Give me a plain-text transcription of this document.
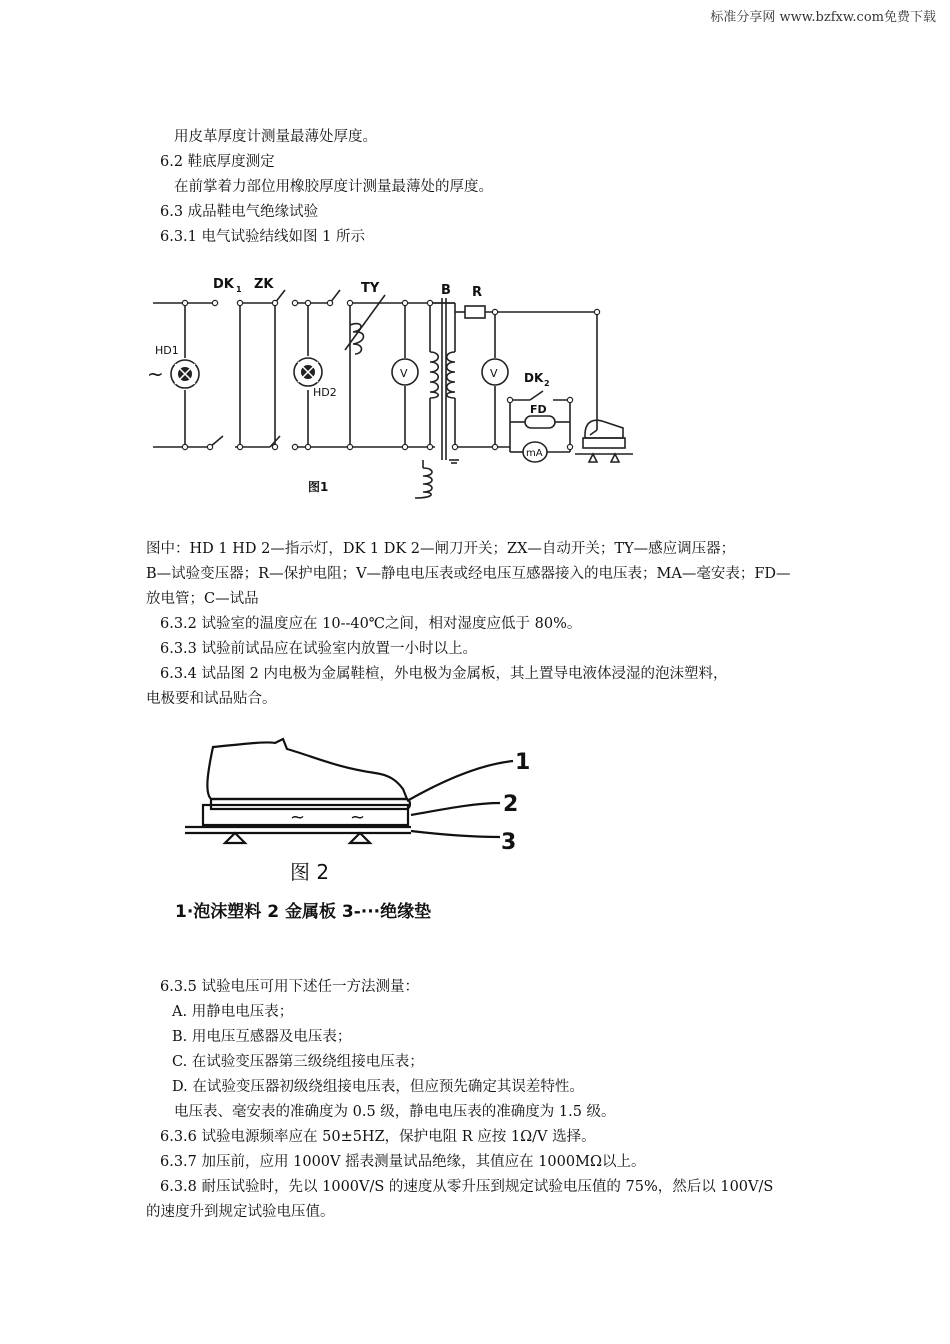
标准分享网 www.bzfxw.com免费下载
用皮革厚度计测量最薄处厚度。
6.2 鞋底厚度测定
在前掌着力部位用橡胶厚度计测量最薄处的厚度。
6.3 成品鞋电气绝缘试验
6.3.1 电气试验结线如图 1 所示
DK 1 ZK	TY	B R
DK 2
FD
HD1
HD2
V	V
mA
~
图1
图中：HD 1 HD 2—指示灯，DK 1 DK 2—闸刀开关；ZX—自动开关；TY—感应调压器；
B—试验变压器；R—保护电阻；V—静电电压表或经电压互感器接入的电压表；MA—毫安表；FD—
放电管；C—试品
6.3.2 试验室的温度应在 10--40℃之间，相对湿度应低于 80%。
6.3.3 试验前试品应在试验室内放置一小时以上。
6.3.4 试品图 2 内电极为金属鞋楦，外电极为金属板，其上置导电液体浸湿的泡沫塑料，
电极要和试品贴合。
1
2
3
~ ~
图 2
1·泡沫塑料 2 金属板 3-···绝缘垫
6.3.5 试验电压可用下述任一方法测量：
A. 用静电电压表；
B. 用电压互感器及电压表；
C. 在试验变压器第三级绕组接电压表；
D. 在试验变压器初级绕组接电压表，但应预先确定其误差特性。
电压表、毫安表的准确度为 0.5 级，静电电压表的准确度为 1.5 级。
6.3.6 试验电源频率应在 50±5HZ，保护电阻 R 应按 1Ω/V 选择。
6.3.7 加压前，应用 1000V 摇表测量试品绝缘，其值应在 1000MΩ以上。
6.3.8 耐压试验时，先以 1000V/S 的速度从零升压到规定试验电压值的 75%，然后以 100V/S
的速度升到规定试验电压值。
